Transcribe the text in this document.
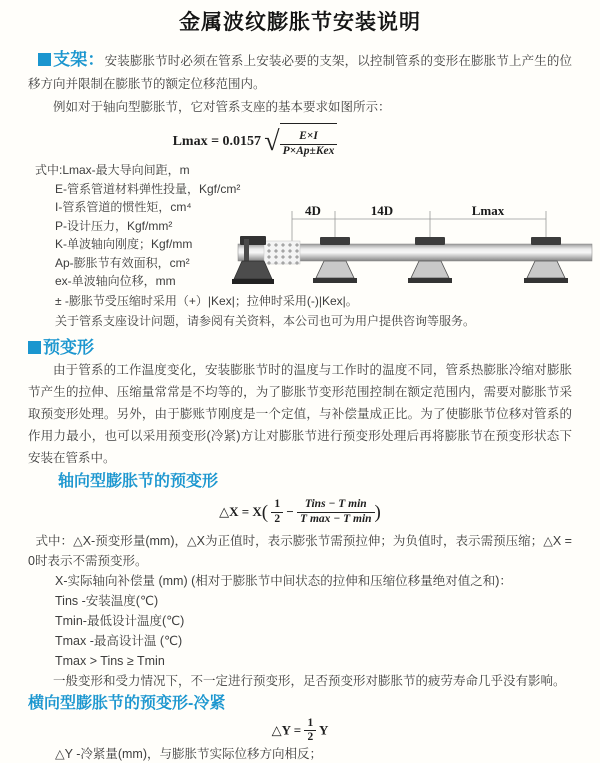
金属波纹膨胀节安装说明

支架：安装膨胀节时必须在管系上安装必要的支架，以控制管系的变形在膨胀节上产生的位移方向并限制在膨胀节的额定位移范围内。

例如对于轴向型膨胀节，它对管系支座的基本要求如图所示：

Lmax = 0.0157 √ $\frac{E\times I}{\text{P×Ap±Kex}}$
式中:Lmax-最大导向间距，m
E-管系管道材料弹性投量，Kgf/cm²
I-管系管道的惯性矩，cm⁴
P-设计压力，Kgf/mm²
K-单波轴向刚度；Kgf/mm
Ap-膨胀节有效面积，cm²
ex-单波轴向位移，mm
± -膨胀节受压缩时采用（+）|Kex|；拉伸时采用(-)|Kex|。
关于管系支座设计问题，请参阅有关资料，本公司也可为用户提供咨询等服务。
4D	14D	Lmax
预变形

由于管系的工作温度变化，安装膨胀节时的温度与工作时的温度不同，管系热膨胀冷缩对膨胀节产生的拉伸、压缩量常常是不均等的，为了膨胀节变形范围控制在额定范围内，需要对膨胀节采取预变形处理。另外，由于膨账节刚度是一个定值，与补偿量成正比。为了使膨胀节位移对管系的作用力最小，也可以采用预变形(冷紧)方让对膨胀节进行预变形处理后再将膨胀节在预变形状态下安装在管系中。

轴向型膨胀节的预变形
△X = $X( \frac{1}{2} - \frac{\text{Tins − T min}}{\text{T max − T min}}$ )

式中：△X-预变形量(mm)，△X为正值时，表示膨张节需预拉伸；为负值时，表示需预压缩；△X = 0时表示不需预变形。

X-实际轴向补偿量 (mm) (相对于膨胀节中间状态的拉伸和压缩位移量绝对值之和)：
Tins -安装温度(℃)
Tmin-最低设计温度(℃)
Tmax -最高设计温 (℃)
Tmax > Tins ≥ Tmin

一般变形和受力情况下，不一定进行预变形，足否预变形对膨胀节的疲劳寿命几乎没有影响。

横向型膨胀节的预变形-冷紧
△Y = $\frac{1}{2}$ Y

△Y -冷紧量(mm)，与膨胀节实际位移方向相反；
